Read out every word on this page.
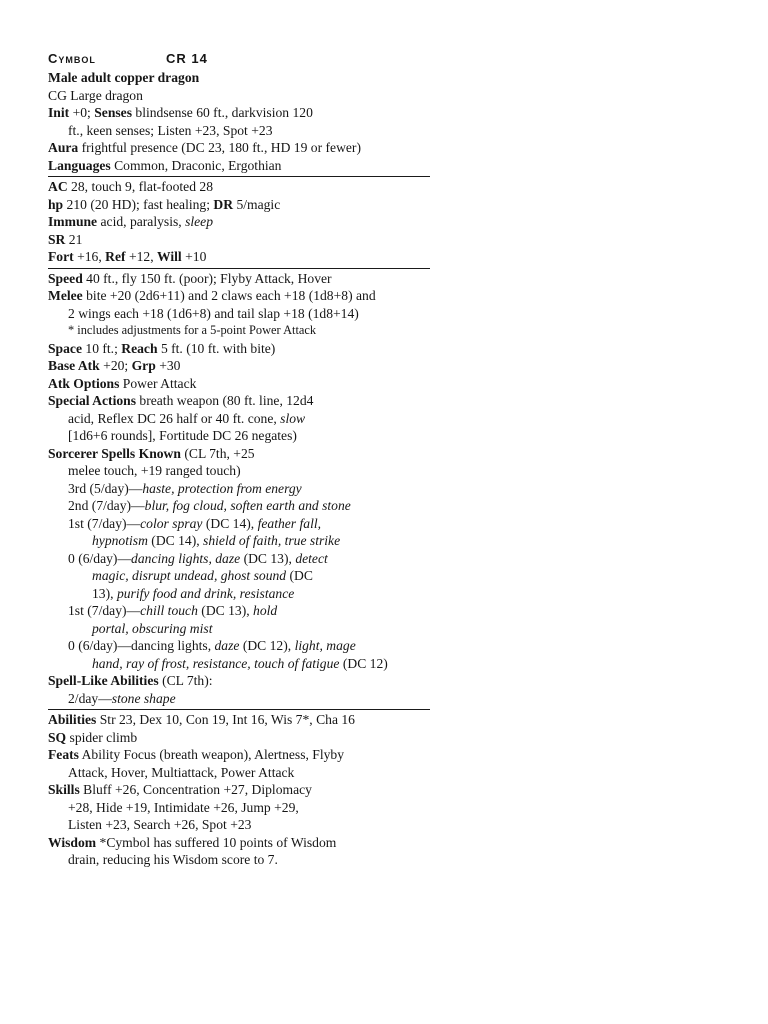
Cymbol	CR 14
Male adult copper dragon
CG Large dragon
Init +0; Senses blindsense 60 ft., darkvision 120
ft., keen senses; Listen +23, Spot +23
Aura frightful presence (DC 23, 180 ft., HD 19 or fewer)
Languages Common, Draconic, Ergothian
AC 28, touch 9, flat-footed 28
hp 210 (20 HD); fast healing; DR 5/magic
Immune acid, paralysis, sleep
SR 21
Fort +16, Ref +12, Will +10
Speed 40 ft., fly 150 ft. (poor); Flyby Attack, Hover
Melee bite +20 (2d6+11) and 2 claws each +18 (1d8+8) and
2 wings each +18 (1d6+8) and tail slap +18 (1d8+14)
* includes adjustments for a 5-point Power Attack
Space 10 ft.; Reach 5 ft. (10 ft. with bite)
Base Atk +20; Grp +30
Atk Options Power Attack
Special Actions breath weapon (80 ft. line, 12d4
acid, Reflex DC 26 half or 40 ft. cone, slow
[1d6+6 rounds], Fortitude DC 26 negates)
Sorcerer Spells Known (CL 7th, +25
melee touch, +19 ranged touch)
3rd (5/day)—haste, protection from energy
2nd (7/day)—blur, fog cloud, soften earth and stone
1st (7/day)—color spray (DC 14), feather fall,
hypnotism (DC 14), shield of faith, true strike
0 (6/day)—dancing lights, daze (DC 13), detect
magic, disrupt undead, ghost sound (DC
13), purify food and drink, resistance
1st (7/day)—chill touch (DC 13), hold
portal, obscuring mist
0 (6/day)—dancing lights, daze (DC 12), light, mage
hand, ray of frost, resistance, touch of fatigue (DC 12)
Spell-Like Abilities (CL 7th):
2/day—stone shape
Abilities Str 23, Dex 10, Con 19, Int 16, Wis 7*, Cha 16
SQ spider climb
Feats Ability Focus (breath weapon), Alertness, Flyby
Attack, Hover, Multiattack, Power Attack
Skills Bluff +26, Concentration +27, Diplomacy
+28, Hide +19, Intimidate +26, Jump +29,
Listen +23, Search +26, Spot +23
Wisdom *Cymbol has suffered 10 points of Wisdom
drain, reducing his Wisdom score to 7.
